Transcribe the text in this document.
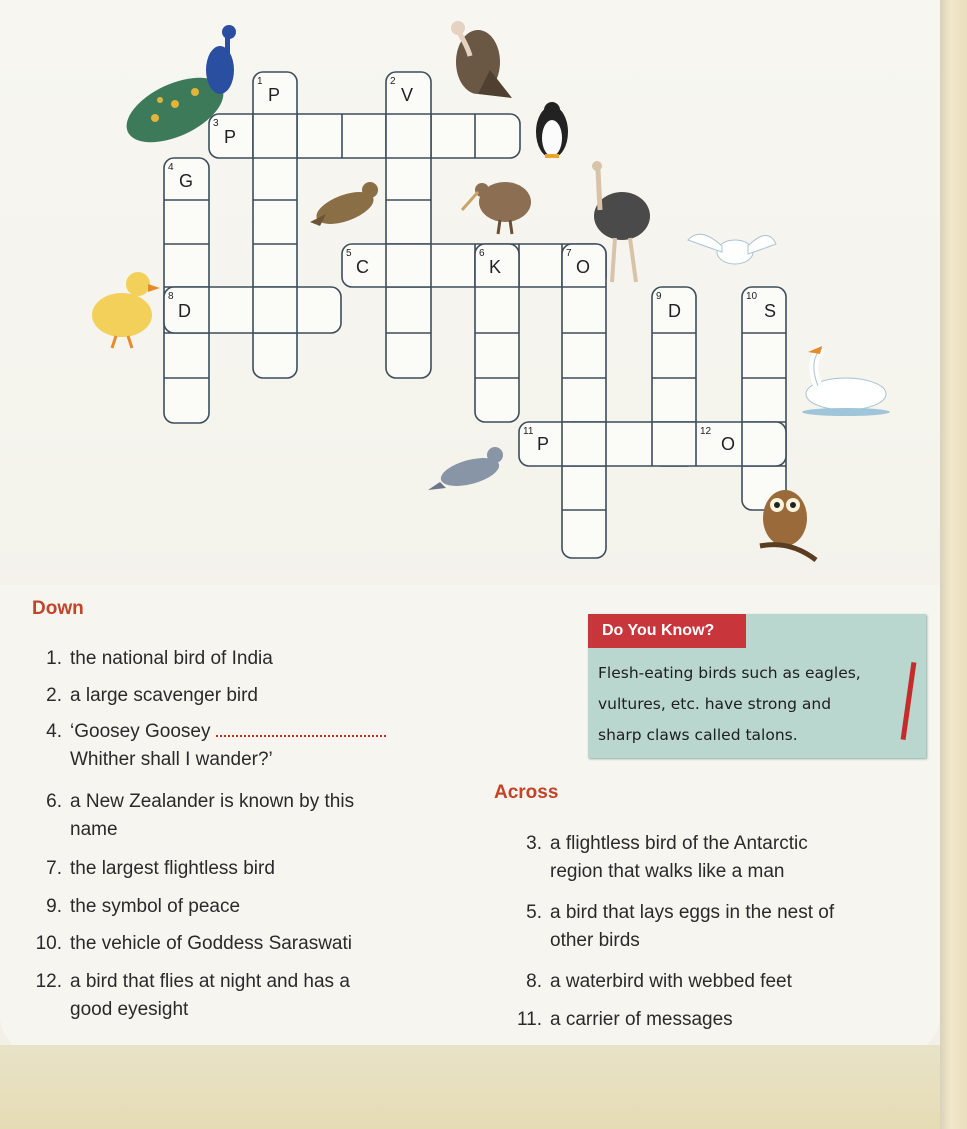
1	2
3
4
5	6	7
8	9	10
11	12
P	V
P
G
C	K	O
D	D	S
P	O
Down
1. the national bird of India
2. a large scavenger bird
4. ‘Goosey Goosey
Whither shall I wander?’
6. a New Zealander is known by this
name
7. the largest flightless bird
9. the symbol of peace
10. the vehicle of Goddess Saraswati
12. a bird that flies at night and has a
good eyesight
Do You Know?
Flesh-eating birds such as eagles,
vultures, etc. have strong and
sharp claws called talons.
Across
3. a flightless bird of the Antarctic
region that walks like a man
5. a bird that lays eggs in the nest of
other birds
8. a waterbird with webbed feet
11. a carrier of messages
